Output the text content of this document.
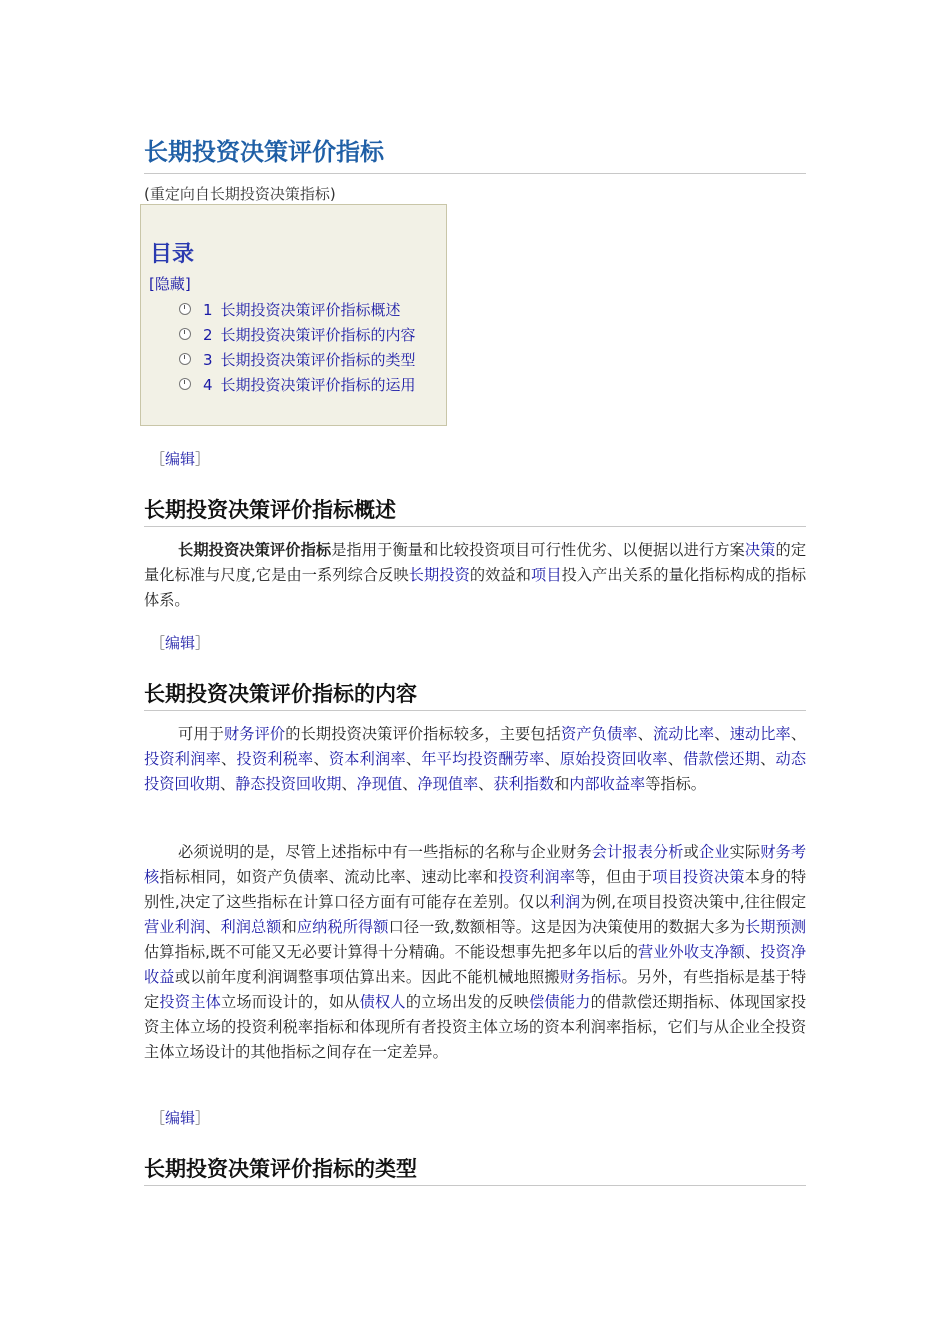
长期投资决策评价指标
(重定向自长期投资决策指标)
目录
[隐藏]
1 长期投资决策评价指标概述
2 长期投资决策评价指标的内容
3 长期投资决策评价指标的类型
4 长期投资决策评价指标的运用
［编辑］
长期投资决策评价指标概述

长期投资决策评价指标是指用于衡量和比较投资项目可行性优劣、以便据以进行方案决策的定量化标准与尺度,它是由一系列综合反映长期投资的效益和项目投入产出关系的量化指标构成的指标体系。

［编辑］
长期投资决策评价指标的内容

可用于财务评价的长期投资决策评价指标较多，主要包括资产负债率、流动比率、速动比率、投资利润率、投资利税率、资本利润率、年平均投资酬劳率、原始投资回收率、借款偿还期、动态投资回收期、静态投资回收期、净现值、净现值率、获利指数和内部收益率等指标。

必须说明的是，尽管上述指标中有一些指标的名称与企业财务会计报表分析或企业实际财务考核指标相同，如资产负债率、流动比率、速动比率和投资利润率等，但由于项目投资决策本身的特别性,决定了这些指标在计算口径方面有可能存在差别。仅以利润为例,在项目投资决策中,往往假定营业利润、利润总额和应纳税所得额口径一致,数额相等。这是因为决策使用的数据大多为长期预测估算指标,既不可能又无必要计算得十分精确。不能设想事先把多年以后的营业外收支净额、投资净收益或以前年度利润调整事项估算出来。因此不能机械地照搬财务指标。另外，有些指标是基于特定投资主体立场而设计的，如从债权人的立场出发的反映偿债能力的借款偿还期指标、体现国家投资主体立场的投资利税率指标和体现所有者投资主体立场的资本利润率指标，它们与从企业全投资主体立场设计的其他指标之间存在一定差异。

［编辑］
长期投资决策评价指标的类型
